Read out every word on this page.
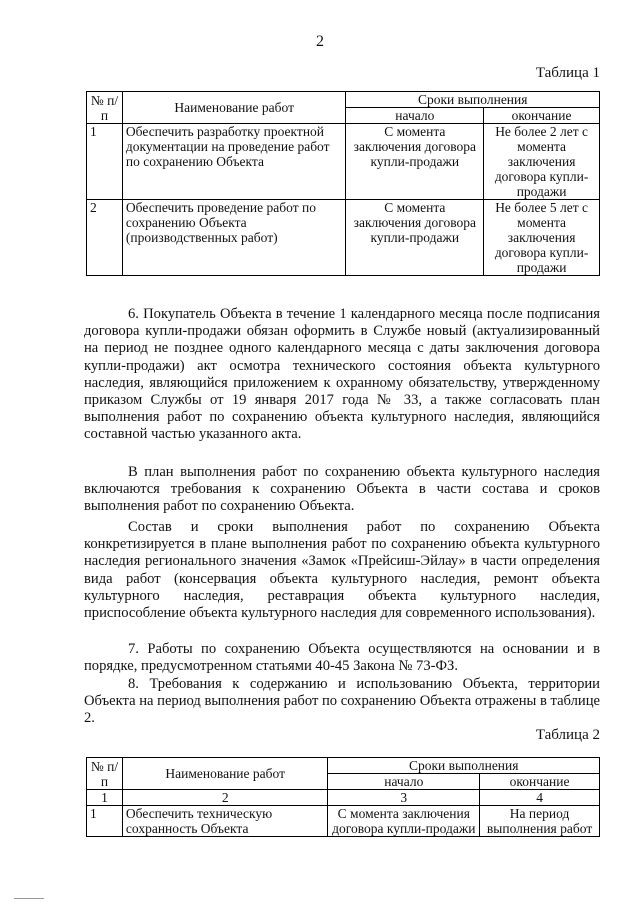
2
Таблица 1
№ п/п	Наименование работ	Сроки выполнения	
		начало	окончание
1	Обеспечить разработку проектной документации на проведение работ по сохранению Объекта	С момента заключения договора купли-продажи	Не более 2 лет с момента заключения договора купли-продажи
2	Обеспечить проведение работ по сохранению Объекта (производственных работ)	С момента заключения договора купли-продажи	Не более 5 лет с момента заключения договора купли-продажи

6. Покупатель Объекта в течение 1 календарного месяца после подписания договора купли-продажи обязан оформить в Службе новый (актуализированный на период не позднее одного календарного месяца с даты заключения договора купли-продажи) акт осмотра технического состояния объекта культурного наследия, являющийся приложением к охранному обязательству, утвержденному приказом Службы от 19 января 2017 года № 33, а также согласовать план выполнения работ по сохранению объекта культурного наследия, являющийся составной частью указанного акта.

В план выполнения работ по сохранению объекта культурного наследия включаются требования к сохранению Объекта в части состава и сроков выполнения работ по сохранению Объекта.

Состав и сроки выполнения работ по сохранению Объекта конкретизируется в плане выполнения работ по сохранению объекта культурного наследия регионального значения «Замок «Прейсиш-Эйлау» в части определения вида работ (консервация объекта культурного наследия, ремонт объекта культурного наследия, реставрация объекта культурного наследия, приспособление объекта культурного наследия для современного использования).

7. Работы по сохранению Объекта осуществляются на основании и в порядке, предусмотренном статьями 40-45 Закона № 73-ФЗ.

8. Требования к содержанию и использованию Объекта, территории Объекта на период выполнения работ по сохранению Объекта отражены в таблице 2.

Таблица 2
№ п/п	Наименование работ	Сроки выполнения	
		начало	окончание
1	2	3	4
1	Обеспечить техническую сохранность Объекта	С момента заключения договора купли-продажи	На период выполнения работ
